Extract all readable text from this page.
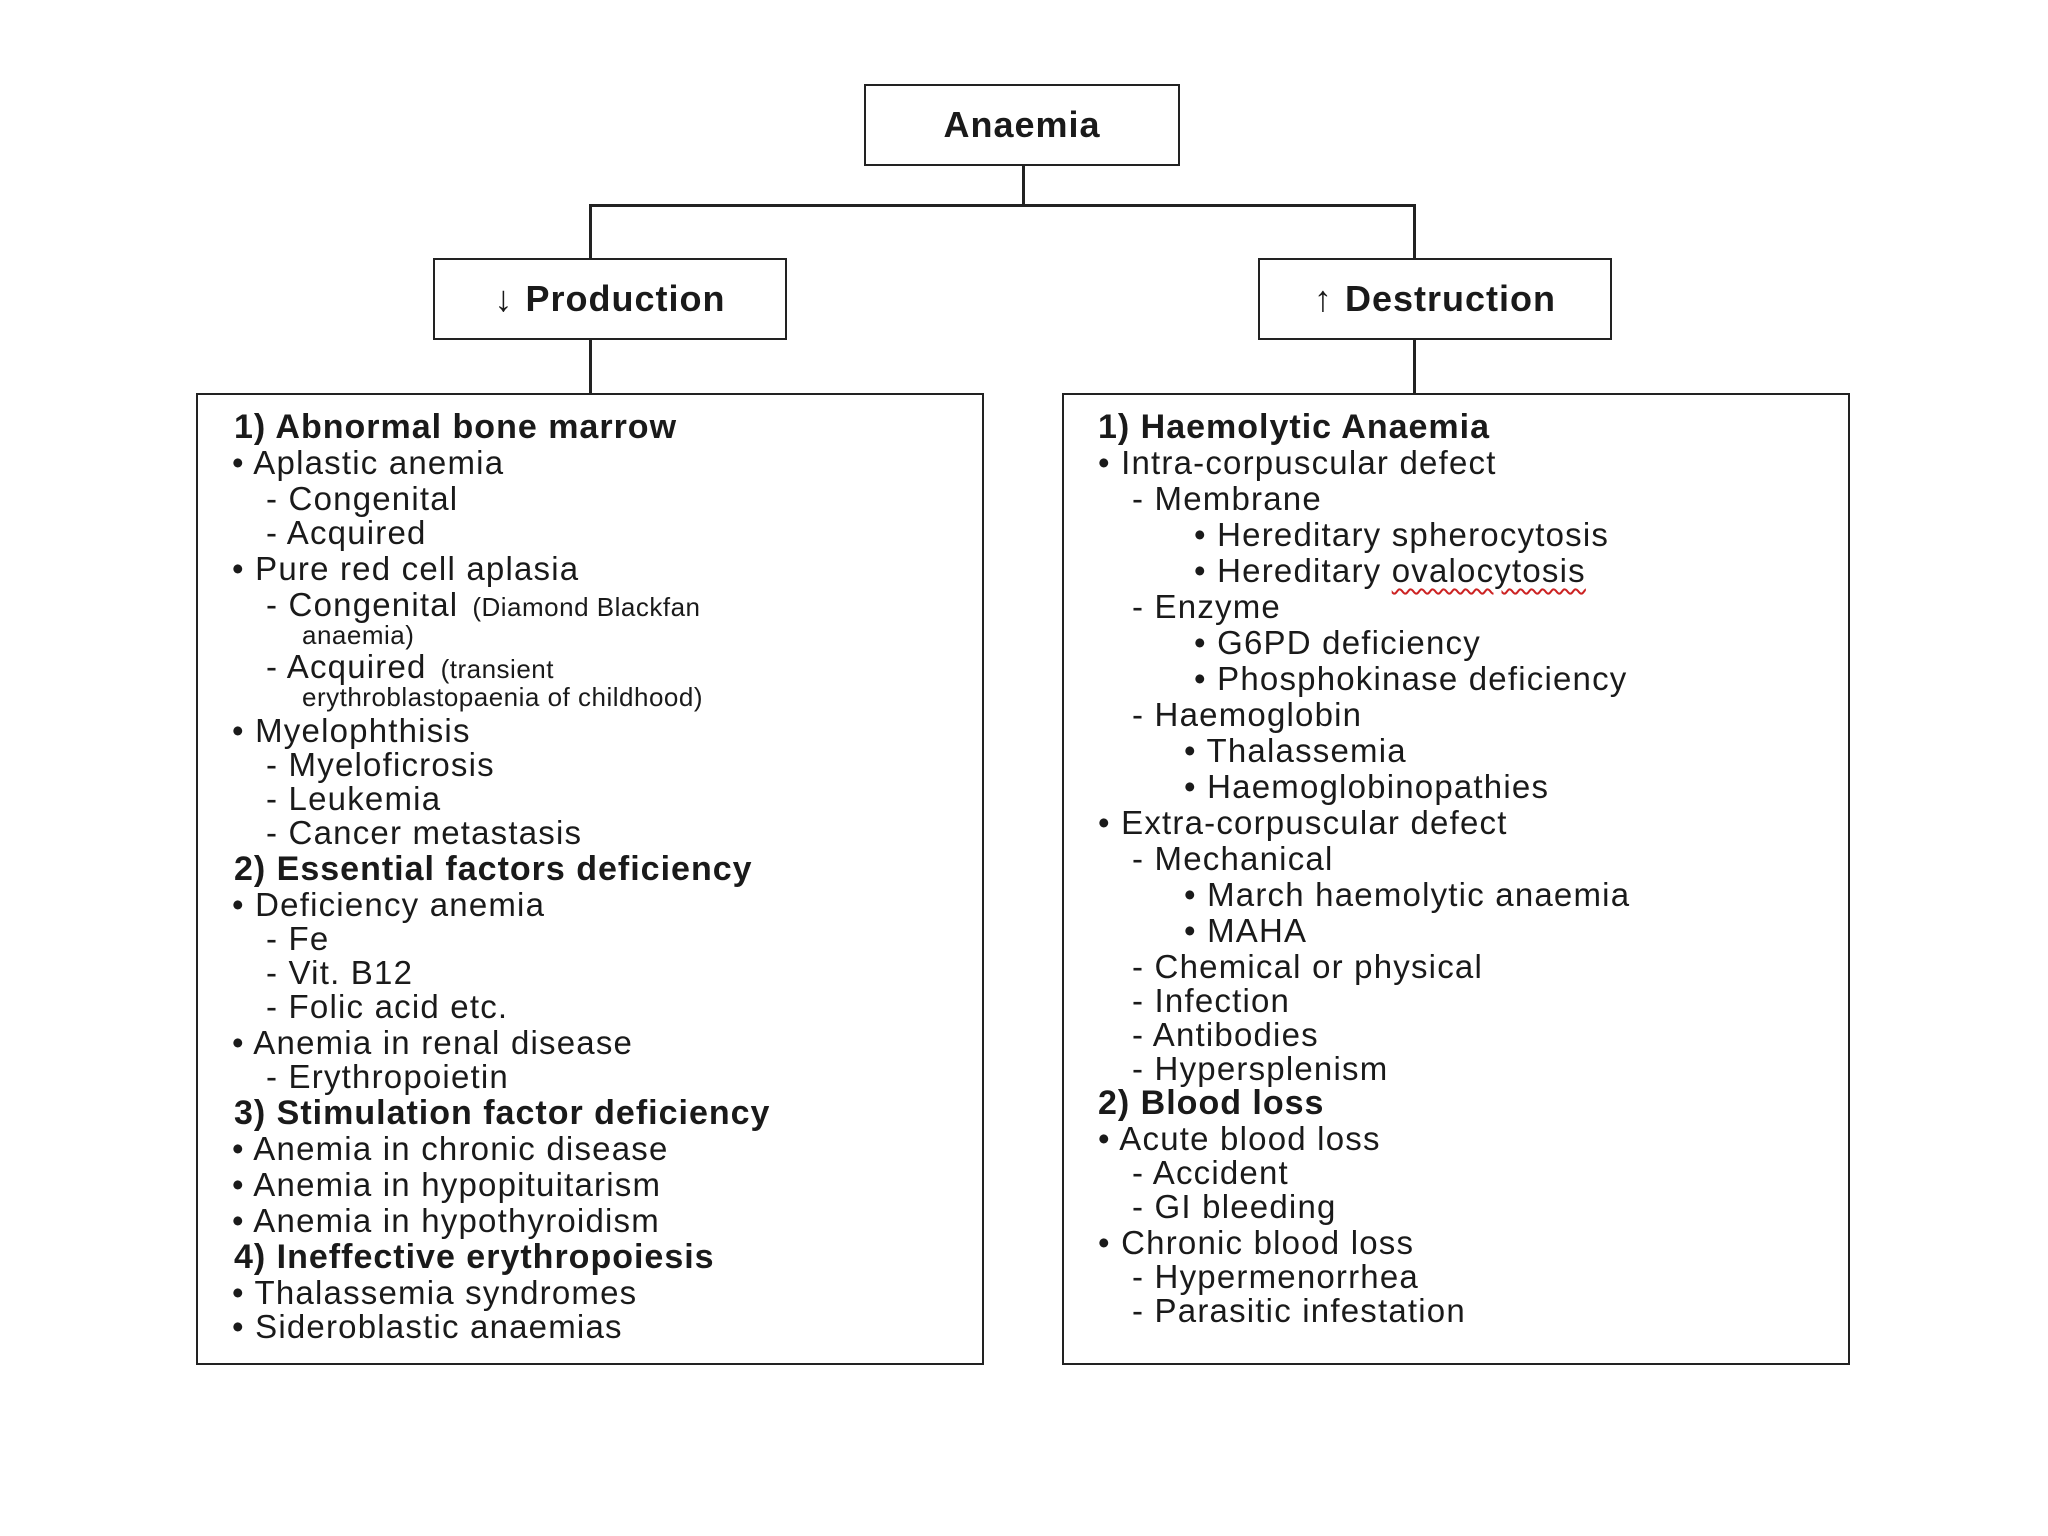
Anaemia
↓ Production	↑ Destruction
1) Abnormal bone marrow
• Aplastic anemia
- Congenital
- Acquired
• Pure red cell aplasia
- Congenital (Diamond Blackfan
anaemia)
- Acquired (transient
erythroblastopaenia of childhood)
• Myelophthisis
- Myeloficrosis
- Leukemia
- Cancer metastasis
2) Essential factors deficiency
• Deficiency anemia
- Fe
- Vit. B12
- Folic acid etc.
• Anemia in renal disease
- Erythropoietin
3) Stimulation factor deficiency
• Anemia in chronic disease
• Anemia in hypopituitarism
• Anemia in hypothyroidism
4) Ineffective erythropoiesis
• Thalassemia syndromes
• Sideroblastic anaemias
1) Haemolytic Anaemia
• Intra-corpuscular defect
- Membrane
• Hereditary spherocytosis
• Hereditary ovalocytosis
- Enzyme
• G6PD deficiency
• Phosphokinase deficiency
- Haemoglobin
• Thalassemia
• Haemoglobinopathies
• Extra-corpuscular defect
- Mechanical
• March haemolytic anaemia
• MAHA
- Chemical or physical
- Infection
- Antibodies
- Hypersplenism
2) Blood loss
• Acute blood loss
- Accident
- GI bleeding
• Chronic blood loss
- Hypermenorrhea
- Parasitic infestation
